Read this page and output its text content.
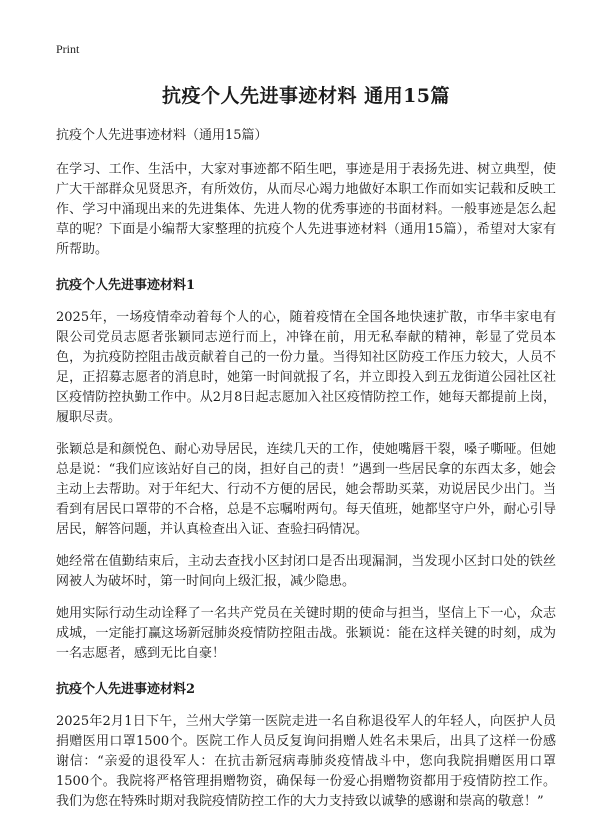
Print
抗疫个人先进事迹材料 通用15篇
抗疫个人先进事迹材料（通用15篇）

在学习、工作、生活中，大家对事迹都不陌生吧，事迹是用于表扬先进、树立典型，使广大干部群众见贤思齐，有所效仿，从而尽心竭力地做好本职工作而如实记载和反映工作、学习中涌现出来的先进集体、先进人物的优秀事迹的书面材料。一般事迹是怎么起草的呢？下面是小编帮大家整理的抗疫个人先进事迹材料（通用15篇），希望对大家有所帮助。

抗疫个人先进事迹材料1

2025年，一场疫情牵动着每个人的心，随着疫情在全国各地快速扩散，市华丰家电有限公司党员志愿者张颖同志逆行而上，冲锋在前，用无私奉献的精神，彰显了党员本色，为抗疫防控阻击战贡献着自己的一份力量。当得知社区防疫工作压力较大，人员不足，正招募志愿者的消息时，她第一时间就报了名，并立即投入到五龙街道公园社区社区疫情防控执勤工作中。从2月8日起志愿加入社区疫情防控工作，她每天都提前上岗，履职尽责。

张颖总是和颜悦色、耐心劝导居民，连续几天的工作，使她嘴唇干裂，嗓子嘶哑。但她总是说：“我们应该站好自己的岗，担好自己的责！”遇到一些居民拿的东西太多，她会主动上去帮助。对于年纪大、行动不方便的居民，她会帮助买菜，劝说居民少出门。当看到有居民口罩带的不合格，总是不忘嘱咐两句。每天值班，她都坚守户外，耐心引导居民，解答问题，并认真检查出入证、查验扫码情况。

她经常在值勤结束后，主动去查找小区封闭口是否出现漏洞，当发现小区封口处的铁丝网被人为破坏时，第一时间向上级汇报，减少隐患。

她用实际行动生动诠释了一名共产党员在关键时期的使命与担当，坚信上下一心，众志成城，一定能打赢这场新冠肺炎疫情防控阻击战。张颖说：能在这样关键的时刻，成为一名志愿者，感到无比自豪！

抗疫个人先进事迹材料2

2025年2月1日下午，兰州大学第一医院走进一名自称退役军人的年轻人，向医护人员捐赠医用口罩1500个。医院工作人员反复询问捐赠人姓名未果后，出具了这样一份感谢信：“亲爱的退役军人：在抗击新冠病毒肺炎疫情战斗中，您向我院捐赠医用口罩1500个。我院将严格管理捐赠物资，确保每一份爱心捐赠物资都用于疫情防控工作。我们为您在特殊时期对我院疫情防控工作的大力支持致以诚挚的感谢和崇高的敬意！”
